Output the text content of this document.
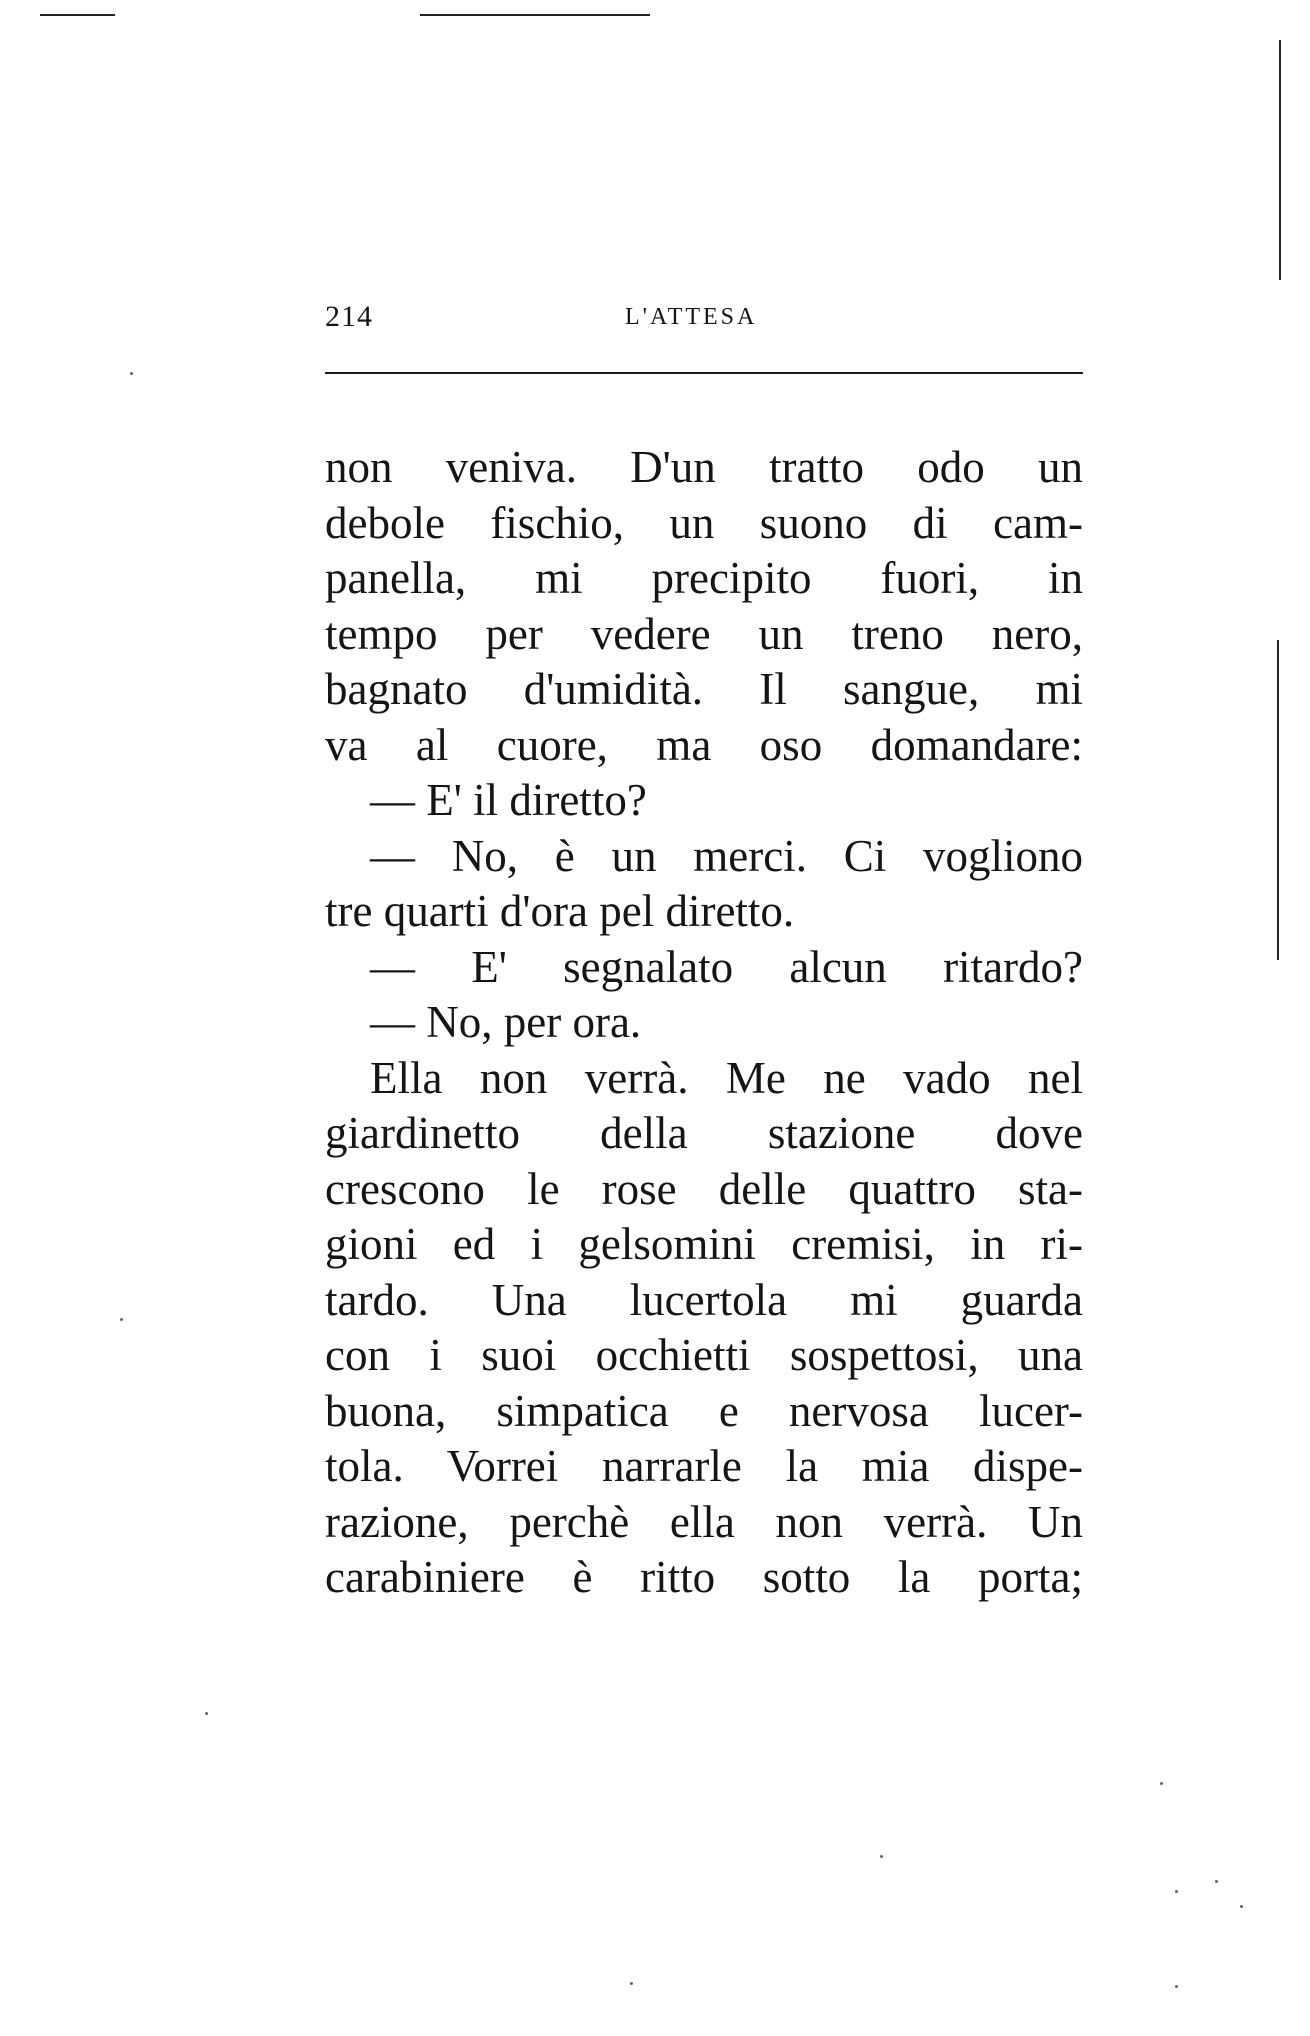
214	L'ATTESA
non veniva. D'un tratto odo un
debole fischio, un suono di cam-
panella, mi precipito fuori, in
tempo per vedere un treno nero,
bagnato d'umidità. Il sangue, mi
va al cuore, ma oso domandare:
— E' il diretto?
— No, è un merci. Ci vogliono
tre quarti d'ora pel diretto.
— E' segnalato alcun ritardo?
— No, per ora.
Ella non verrà. Me ne vado nel
giardinetto della stazione dove
crescono le rose delle quattro sta-
gioni ed i gelsomini cremisi, in ri-
tardo. Una lucertola mi guarda
con i suoi occhietti sospettosi, una
buona, simpatica e nervosa lucer-
tola. Vorrei narrarle la mia dispe-
razione, perchè ella non verrà. Un
carabiniere è ritto sotto la porta;
